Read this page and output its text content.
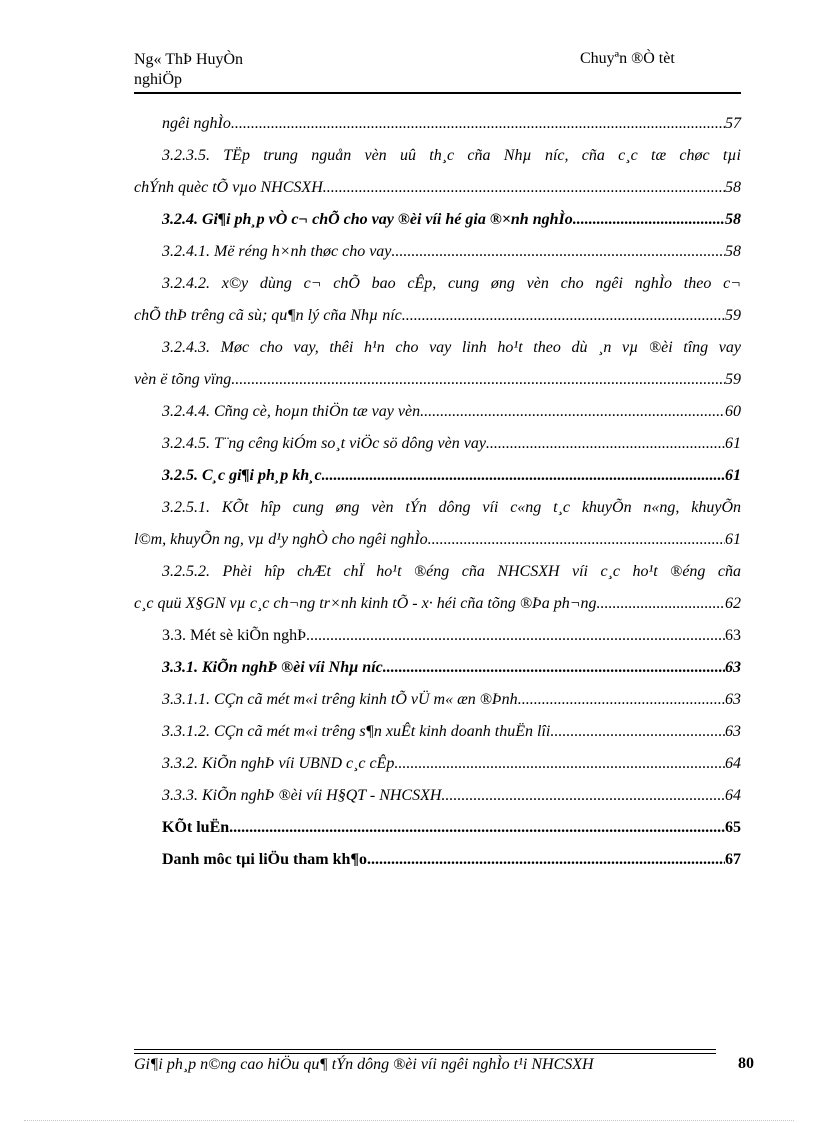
Ng« ThÞ HuyÒn
nghiÖp
Chuyªn ®Ò tèt
ngêi nghÌo .....	57
3.2.3.5. TËp trung nguån vèn uû th¸c cña Nhµ níc, cña c¸c tæ chøc tµi
chÝnh quèc tÕ vµo NHCSXH .....	58
3.2.4. Gi¶i ph¸p vÒ c¬ chÕ cho vay ®èi víi hé gia ®×nh nghÌo .....	58
3.2.4.1. Më réng h×nh thøc cho vay .....	58
3.2.4.2. x©y dùng c¬ chÕ bao cÊp, cung øng vèn cho ngêi nghÌo theo c¬
chÕ thÞ trêng cã sù; qu¶n lý cña Nhµ níc .....	59
3.2.4.3. Møc cho vay, thêi h¹n cho vay linh ho¹t theo dù ¸n vµ ®èi tîng vay
vèn ë tõng vïng .....	59
3.2.4.4. Cñng cè, hoµn thiÖn tæ vay vèn .....	60
3.2.4.5. T¨ng cêng kiÓm so¸t viÖc sö dông vèn vay .....	61
3.2.5. C¸c gi¶i ph¸p kh¸c .....	61
3.2.5.1. KÕt hîp cung øng vèn tÝn dông víi c«ng t¸c khuyÕn n«ng, khuyÕn
l©m, khuyÕn ng, vµ d¹y nghÒ cho ngêi nghÌo .....	61
3.2.5.2. Phèi hîp chÆt chÏ ho¹t ®éng cña NHCSXH víi c¸c ho¹t ®éng cña
c¸c quü X§GN vµ c¸c ch¬ng tr×nh kinh tÕ - x· héi cña tõng ®Þa ph¬ng .....	62
3.3. Mét sè kiÕn nghÞ .....	63
3.3.1. KiÕn nghÞ ®èi víi Nhµ níc .....	63
3.3.1.1. CÇn cã mét m«i trêng kinh tÕ vÜ m« æn ®Þnh .....	63
3.3.1.2. CÇn cã mét m«i trêng s¶n xuÊt kinh doanh thuËn lîi .....	63
3.3.2. KiÕn nghÞ víi UBND c¸c cÊp .....	64
3.3.3. KiÕn nghÞ ®èi víi H§QT - NHCSXH .....	64
KÕt luËn .....	65
Danh môc tµi liÖu tham kh¶o .....	67
Gi¶i ph¸p n©ng cao hiÖu qu¶ tÝn dông ®èi víi ngêi nghÌo t¹i NHCSXH	80
